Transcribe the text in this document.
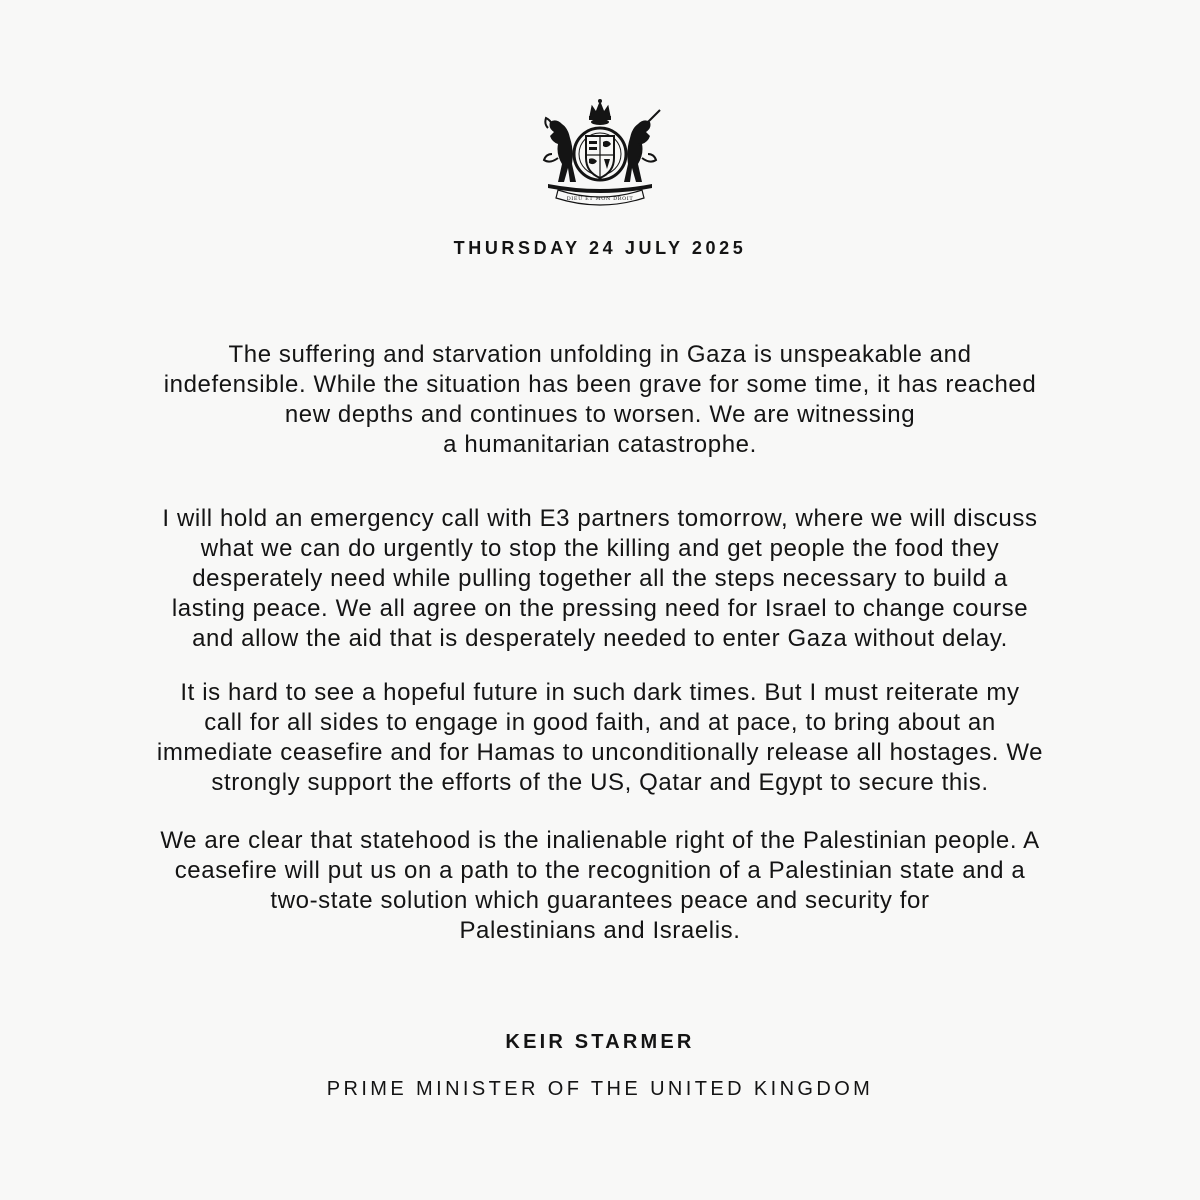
DIEU ET MON DROIT
THURSDAY 24 JULY 2025

The suffering and starvation unfolding in Gaza is unspeakable and
indefensible. While the situation has been grave for some time, it has reached
new depths and continues to worsen. We are witnessing
a humanitarian catastrophe.

I will hold an emergency call with E3 partners tomorrow, where we will discuss
what we can do urgently to stop the killing and get people the food they
desperately need while pulling together all the steps necessary to build a
lasting peace. We all agree on the pressing need for Israel to change course
and allow the aid that is desperately needed to enter Gaza without delay.

It is hard to see a hopeful future in such dark times. But I must reiterate my
call for all sides to engage in good faith, and at pace, to bring about an
immediate ceasefire and for Hamas to unconditionally release all hostages. We
strongly support the efforts of the US, Qatar and Egypt to secure this.

We are clear that statehood is the inalienable right of the Palestinian people. A
ceasefire will put us on a path to the recognition of a Palestinian state and a
two-state solution which guarantees peace and security for
Palestinians and Israelis.

KEIR STARMER
PRIME MINISTER OF THE UNITED KINGDOM
